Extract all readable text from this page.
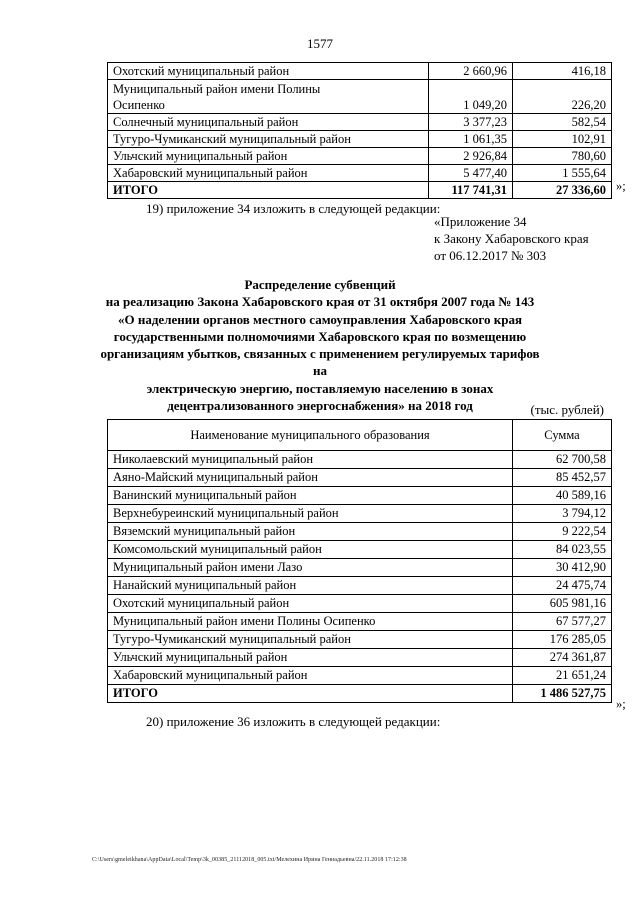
1577
Охотский муниципальный район	2 660,96	416,18
Муниципальный район имени Полины
Осипенко	1 049,20	226,20
Солнечный муниципальный район	3 377,23	582,54
Тугуро-Чумиканский муниципальный район	1 061,35	102,91
Ульчский муниципальный район	2 926,84	780,60
Хабаровский муниципальный район	5 477,40	1 555,64
ИТОГО	117 741,31	27 336,60 »;
19) приложение 34 изложить в следующей редакции:
«Приложение 34
к Закону Хабаровского края
от 06.12.2017 № 303
Распределение субвенций
на реализацию Закона Хабаровского края от 31 октября 2007 года № 143
«О наделении органов местного самоуправления Хабаровского края
государственными полномочиями Хабаровского края по возмещению
организациям убытков, связанных с применением регулируемых тарифов на
электрическую энергию, поставляемую населению в зонах
децентрализованного энергоснабжения» на 2018 год	(тыс. рублей)
Наименование муниципального образования	Сумма
Николаевский муниципальный район	62 700,58
Аяно-Майский муниципальный район	85 452,57
Ванинский муниципальный район	40 589,16
Верхнебуреинский муниципальный район	3 794,12
Вяземский муниципальный район	9 222,54
Комсомольский муниципальный район	84 023,55
Муниципальный район имени Лазо	30 412,90
Нанайский муниципальный район	24 475,74
Охотский муниципальный район	605 981,16
Муниципальный район имени Полины Осипенко	67 577,27
Тугуро-Чумиканский муниципальный район	176 285,05
Ульчский муниципальный район	274 361,87
Хабаровский муниципальный район	21 651,24
ИТОГО	1 486 527,75
»;
20) приложение 36 изложить в следующей редакции:
C:\Users\gmeleikhana\AppData\Local\Temp\3k_00385_21112018_005.txt/Мелехина Ирина Геннадьевна/22.11.2018 17:12:38
